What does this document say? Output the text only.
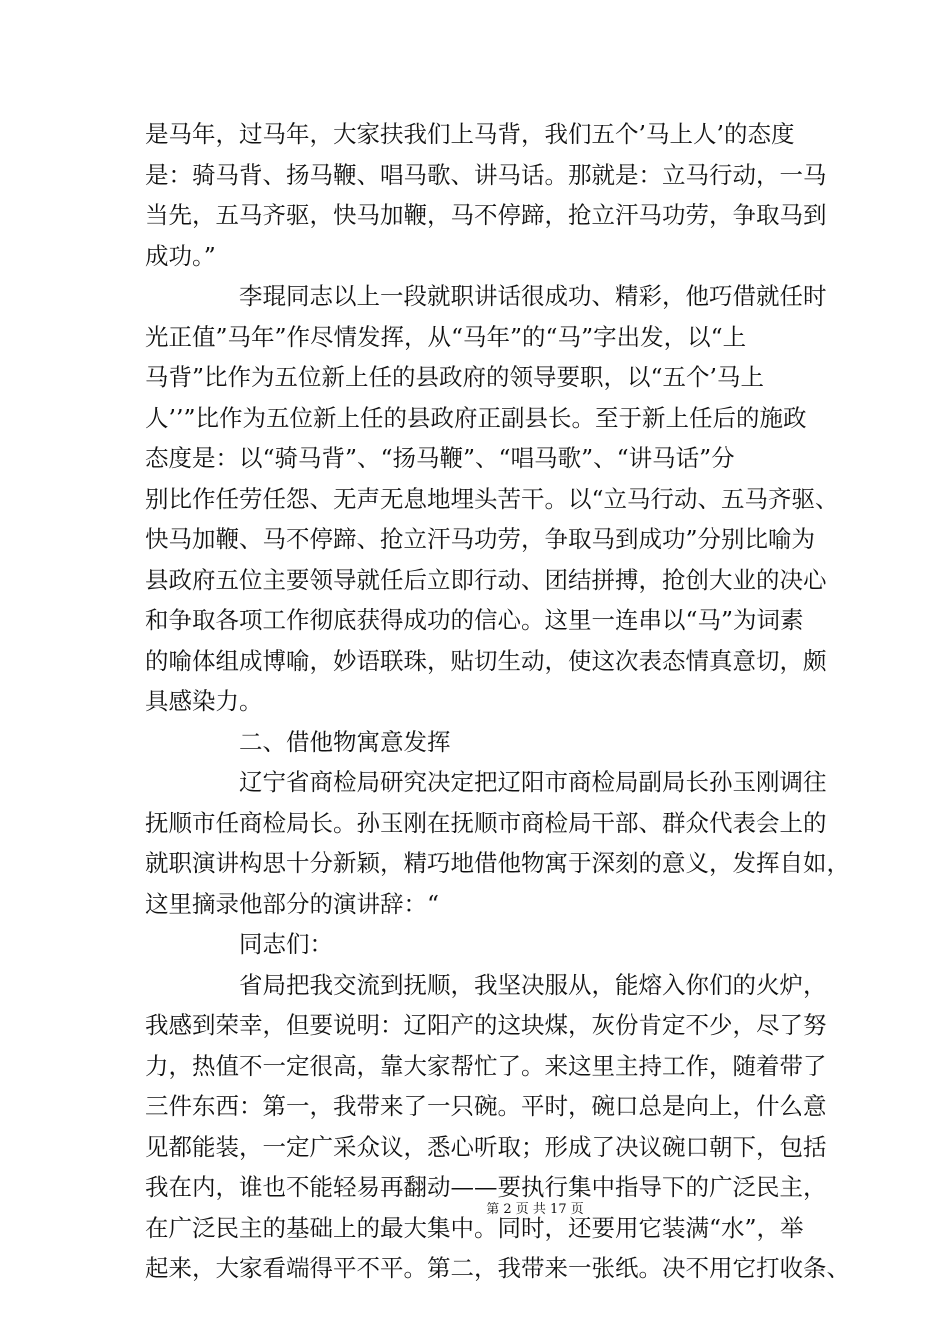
是马年，过马年，大家扶我们上马背，我们五个’马上人’的态度
是：骑马背、扬马鞭、唱马歌、讲马话。那就是：立马行动，一马
当先，五马齐驱，快马加鞭，马不停蹄，抢立汗马功劳，争取马到
成功。”
李琨同志以上一段就职讲话很成功、精彩，他巧借就任时
光正值”马年”作尽情发挥，从“马年”的“马”字出发，以“上
马背”比作为五位新上任的县政府的领导要职，以“五个’马上
人’’”比作为五位新上任的县政府正副县长。至于新上任后的施政
态度是：以“骑马背”、“扬马鞭”、“唱马歌”、“讲马话”分
别比作任劳任怨、无声无息地埋头苦干。以“立马行动、五马齐驱、
快马加鞭、马不停蹄、抢立汗马功劳，争取马到成功”分别比喻为
县政府五位主要领导就任后立即行动、团结拼搏，抢创大业的决心
和争取各项工作彻底获得成功的信心。这里一连串以“马”为词素
的喻体组成博喻，妙语联珠，贴切生动，使这次表态情真意切，颇
具感染力。
二、借他物寓意发挥
辽宁省商检局研究决定把辽阳市商检局副局长孙玉刚调往
抚顺市任商检局长。孙玉刚在抚顺市商检局干部、群众代表会上的
就职演讲构思十分新颖，精巧地借他物寓于深刻的意义，发挥自如，
这里摘录他部分的演讲辞：“
同志们：
省局把我交流到抚顺，我坚决服从，能熔入你们的火炉，
我感到荣幸，但要说明：辽阳产的这块煤，灰份肯定不少，尽了努
力，热值不一定很高，靠大家帮忙了。来这里主持工作，随着带了
三件东西：第一，我带来了一只碗。平时，碗口总是向上，什么意
见都能装，一定广采众议，悉心听取；形成了决议碗口朝下，包括
我在内，谁也不能轻易再翻动——要执行集中指导下的广泛民主，
在广泛民主的基础上的最大集中。同时，还要用它装满“水”，举
起来，大家看端得平不平。第二，我带来一张纸。决不用它打收条、
第 2 页 共 17 页
